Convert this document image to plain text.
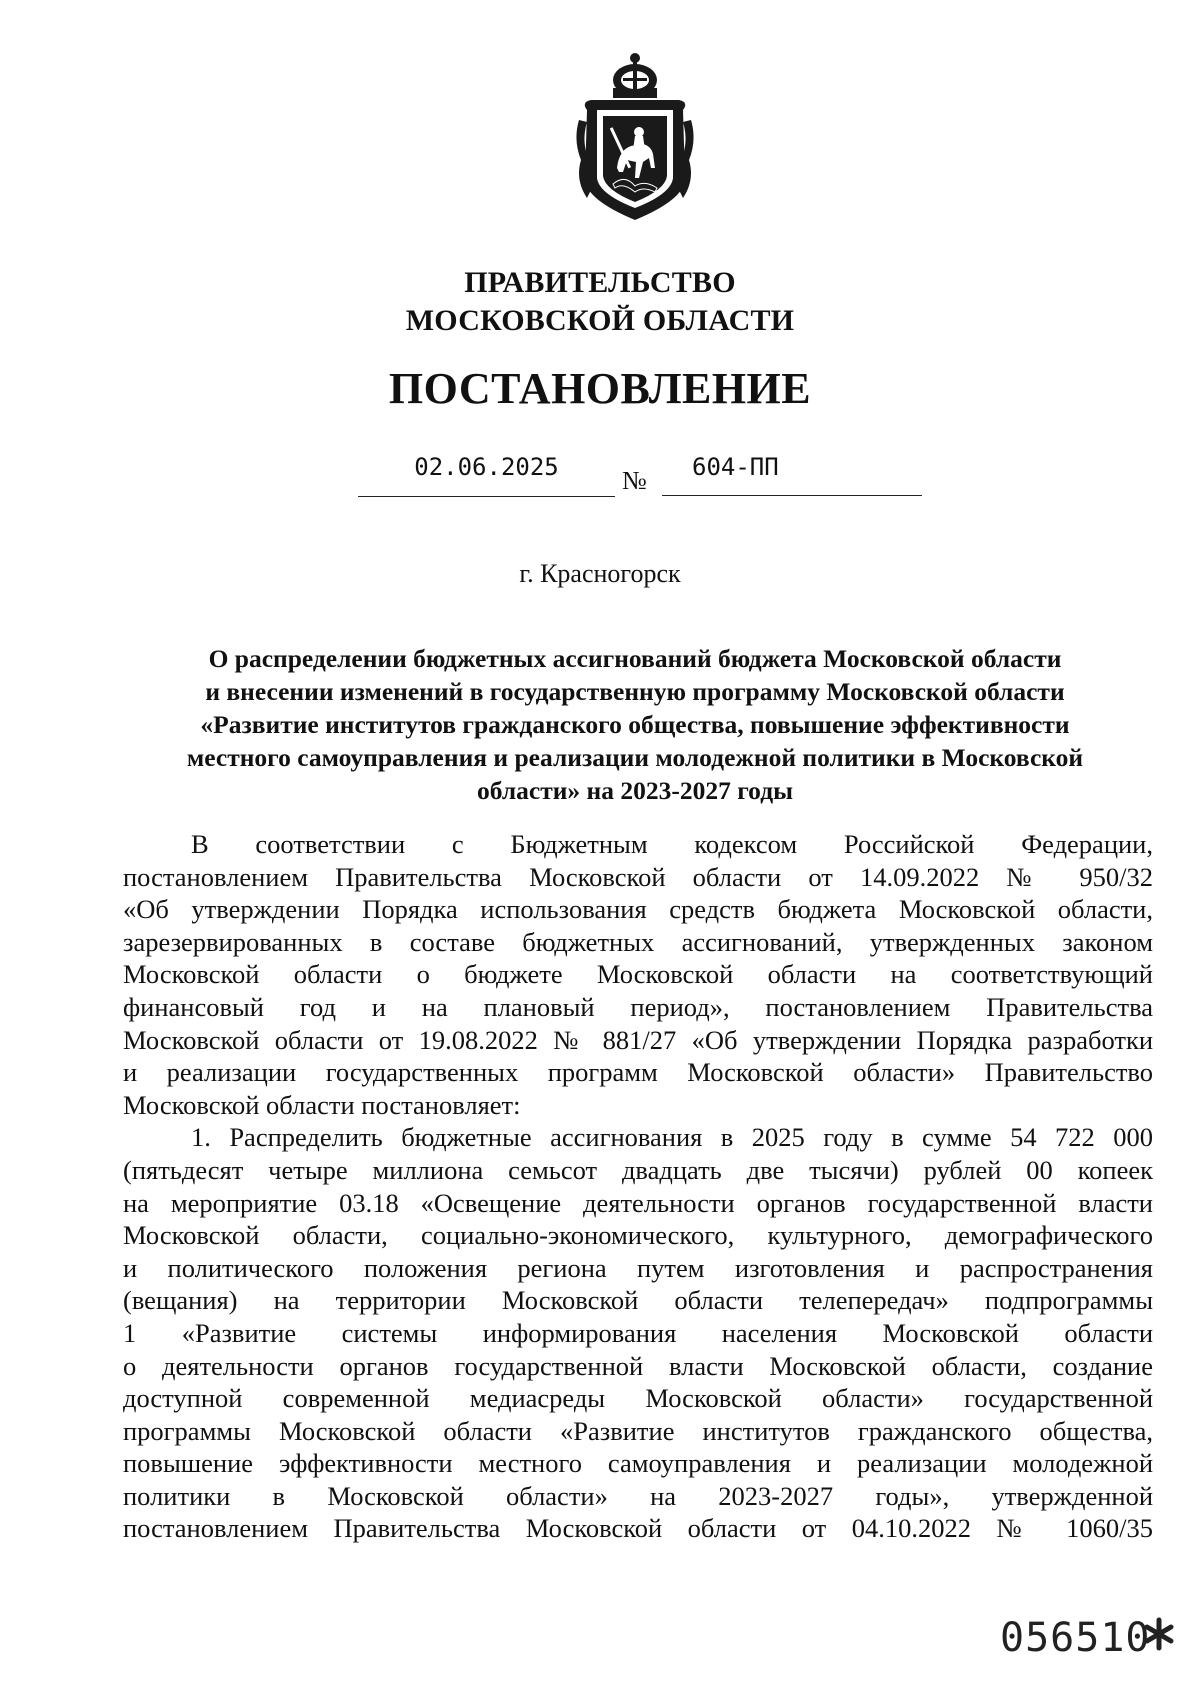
ПРАВИТЕЛЬСТВО
МОСКОВСКОЙ ОБЛАСТИ
ПОСТАНОВЛЕНИЕ
02.06.2025	№	604-ПП
г. Красногорск
О распределении бюджетных ассигнований бюджета Московской области
и внесении изменений в государственную программу Московской области
«Развитие институтов гражданского общества, повышение эффективности
местного самоуправления и реализации молодежной политики в Московской
области» на 2023-2027 годы
В соответствии с Бюджетным кодексом Российской Федерации,
постановлением Правительства Московской области от 14.09.2022 № 950/32
«Об утверждении Порядка использования средств бюджета Московской области,
зарезервированных в составе бюджетных ассигнований, утвержденных законом
Московской области о бюджете Московской области на соответствующий
финансовый год и на плановый период», постановлением Правительства
Московской области от 19.08.2022 № 881/27 «Об утверждении Порядка разработки
и реализации государственных программ Московской области» Правительство
Московской области постановляет:
1. Распределить бюджетные ассигнования в 2025 году в сумме 54 722 000
(пятьдесят четыре миллиона семьсот двадцать две тысячи) рублей 00 копеек
на мероприятие 03.18 «Освещение деятельности органов государственной власти
Московской области, социально-экономического, культурного, демографического
и политического положения региона путем изготовления и распространения
(вещания) на территории Московской области телепередач» подпрограммы
1 «Развитие системы информирования населения Московской области
о деятельности органов государственной власти Московской области, создание
доступной современной медиасреды Московской области» государственной
программы Московской области «Развитие институтов гражданского общества,
повышение эффективности местного самоуправления и реализации молодежной
политики в Московской области» на 2023-2027 годы», утвержденной
постановлением Правительства Московской области от 04.10.2022 № 1060/35
056510
